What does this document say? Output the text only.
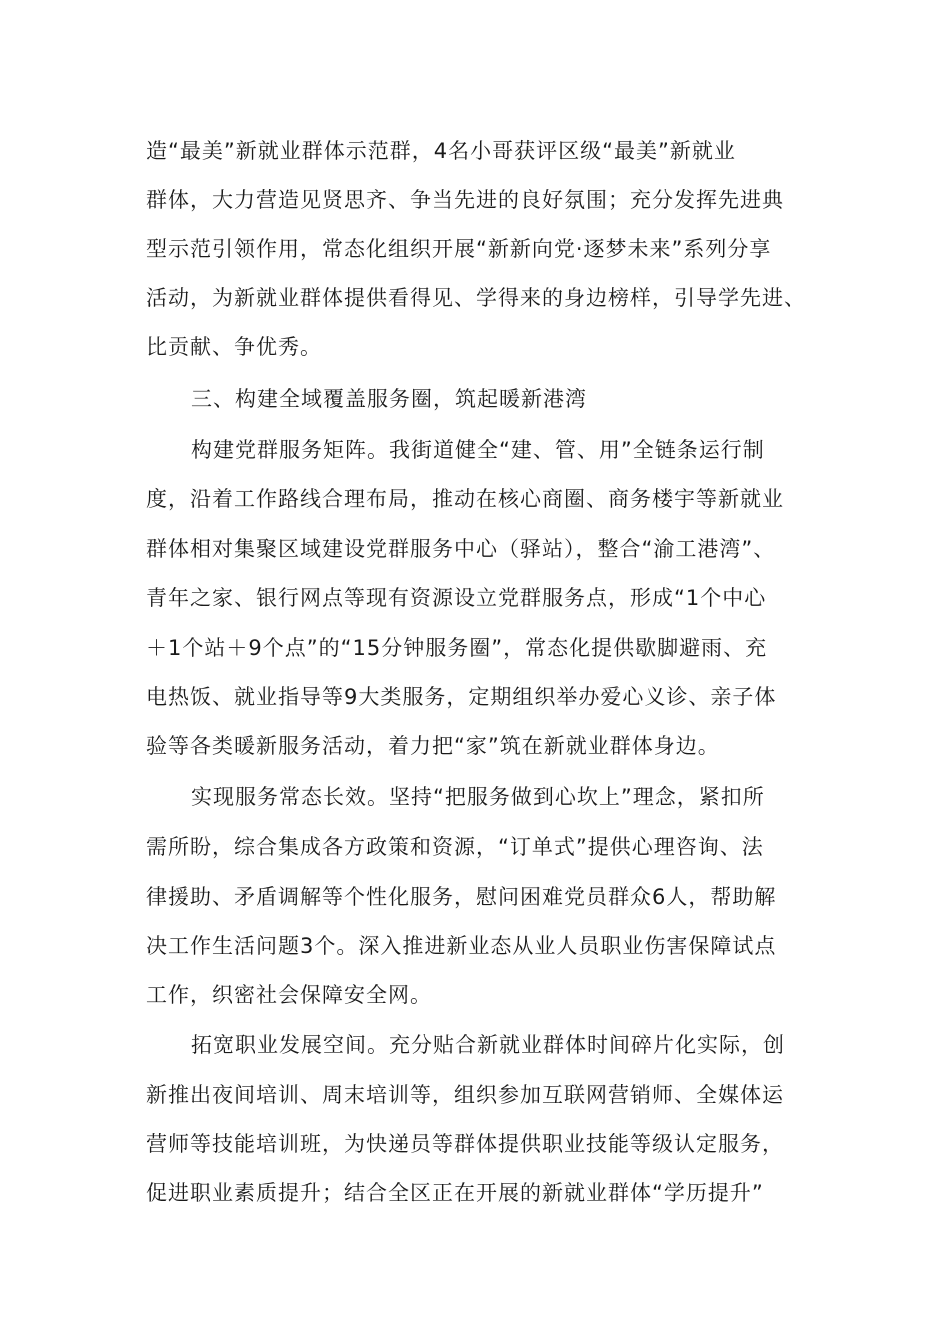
造“最美”新就业群体示范群，4名小哥获评区级“最美”新就业

群体，大力营造见贤思齐、争当先进的良好氛围；充分发挥先进典

型示范引领作用，常态化组织开展“新新向党·逐梦未来”系列分享

活动，为新就业群体提供看得见、学得来的身边榜样，引导学先进、

比贡献、争优秀。

三、构建全域覆盖服务圈，筑起暖新港湾

构建党群服务矩阵。我街道健全“建、管、用”全链条运行制

度，沿着工作路线合理布局，推动在核心商圈、商务楼宇等新就业

群体相对集聚区域建设党群服务中心（驿站），整合“渝工港湾”、

青年之家、银行网点等现有资源设立党群服务点，形成“1个中心

＋1个站＋9个点”的“15分钟服务圈”，常态化提供歇脚避雨、充

电热饭、就业指导等9大类服务，定期组织举办爱心义诊、亲子体

验等各类暖新服务活动，着力把“家”筑在新就业群体身边。

实现服务常态长效。坚持“把服务做到心坎上”理念，紧扣所

需所盼，综合集成各方政策和资源，“订单式”提供心理咨询、法

律援助、矛盾调解等个性化服务，慰问困难党员群众6人，帮助解

决工作生活问题3个。深入推进新业态从业人员职业伤害保障试点

工作，织密社会保障安全网。

拓宽职业发展空间。充分贴合新就业群体时间碎片化实际，创

新推出夜间培训、周末培训等，组织参加互联网营销师、全媒体运

营师等技能培训班，为快递员等群体提供职业技能等级认定服务，

促进职业素质提升；结合全区正在开展的新就业群体“学历提升”
